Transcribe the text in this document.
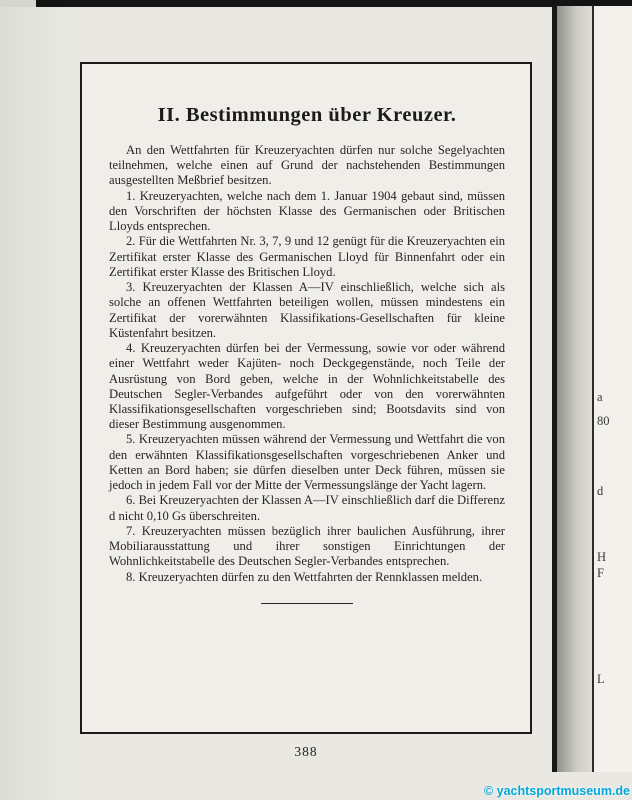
a
80
d
H
F
L
II. Bestimmungen über Kreuzer.

An den Wettfahrten für Kreuzeryachten dürfen nur solche Segelyachten teilnehmen, welche einen auf Grund der nachstehenden Bestimmungen ausgestellten Meßbrief besitzen.

1. Kreuzeryachten, welche nach dem 1. Januar 1904 gebaut sind, müssen den Vorschriften der höchsten Klasse des Germanischen oder Britischen Lloyds entsprechen.

2. Für die Wettfahrten Nr. 3, 7, 9 und 12 genügt für die Kreuzeryachten ein Zertifikat erster Klasse des Germanischen Lloyd für Binnenfahrt oder ein Zertifikat erster Klasse des Britischen Lloyd.

3. Kreuzeryachten der Klassen A—IV einschließlich, welche sich als solche an offenen Wettfahrten beteiligen wollen, müssen mindestens ein Zertifikat der vorerwähnten Klassifikations-Gesellschaften für kleine Küstenfahrt besitzen.

4. Kreuzeryachten dürfen bei der Vermessung, sowie vor oder während einer Wettfahrt weder Kajüten- noch Deckgegenstände, noch Teile der Ausrüstung von Bord geben, welche in der Wohnlichkeitstabelle des Deutschen Segler-Verbandes aufgeführt oder von den vorerwähnten Klassifikationsgesellschaften vorgeschrieben sind; Bootsdavits sind von dieser Bestimmung ausgenommen.

5. Kreuzeryachten müssen während der Vermessung und Wettfahrt die von den erwähnten Klassifikationsgesellschaften vorgeschriebenen Anker und Ketten an Bord haben; sie dürfen dieselben unter Deck führen, müssen sie jedoch in jedem Fall vor der Mitte der Vermessungslänge der Yacht lagern.

6. Bei Kreuzeryachten der Klassen A—IV einschließlich darf die Differenz d nicht 0,10 Gs überschreiten.

7. Kreuzeryachten müssen bezüglich ihrer baulichen Ausführung, ihrer Mobiliarausstattung und ihrer sonstigen Einrichtungen der Wohnlichkeitstabelle des Deutschen Segler-Verbandes entsprechen.

8. Kreuzeryachten dürfen zu den Wettfahrten der Rennklassen melden.

388
© yachtsportmuseum.de
